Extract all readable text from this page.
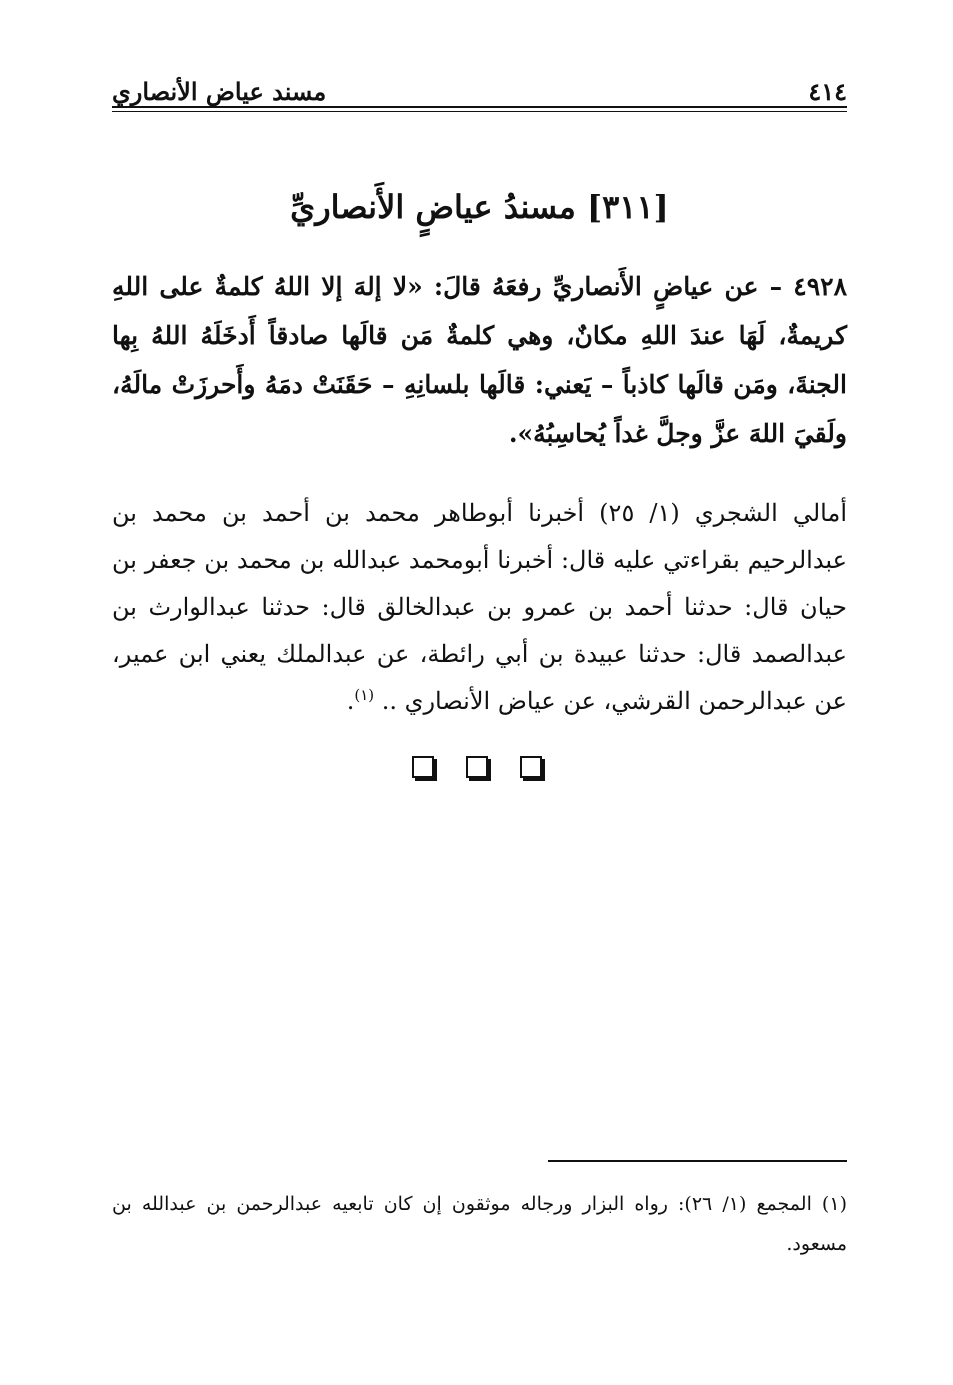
٤١٤
مسند عياض الأنصاري
[٣١١] مسندُ عياضٍ الأَنصاريِّ
٤٩٢٨ – عن عياضٍ الأَنصاريِّ رفعَهُ قالَ: «لا إلهَ إلا اللهُ كلمةٌ على اللهِ كريمةٌ، لَهَا عندَ اللهِ مكانٌ، وهي كلمةٌ مَن قالَها صادقاً أَدخَلَهُ اللهُ بِها الجنةَ، ومَن قالَها كاذباً – يَعني: قالَها بلسانِهِ – حَقَنَتْ دمَهُ وأَحرزَتْ مالَهُ، ولَقيَ اللهَ عزَّ وجلَّ غداً يُحاسِبُهُ».
أمالي الشجري (١/ ٢٥) أخبرنا أبوطاهر محمد بن أحمد بن محمد بن عبدالرحيم بقراءتي عليه قال: أخبرنا أبومحمد عبدالله بن محمد بن جعفر بن حيان قال: حدثنا أحمد بن عمرو بن عبدالخالق قال: حدثنا عبدالوارث بن عبدالصمد قال: حدثنا عبيدة بن أبي رائطة، عن عبدالملك يعني ابن عمير، عن عبدالرحمن القرشي، عن عياض الأنصاري .. $^{(١)}$.
(١) المجمع (١/ ٢٦): رواه البزار ورجاله موثقون إن كان تابعيه عبدالرحمن بن عبدالله بن مسعود.
